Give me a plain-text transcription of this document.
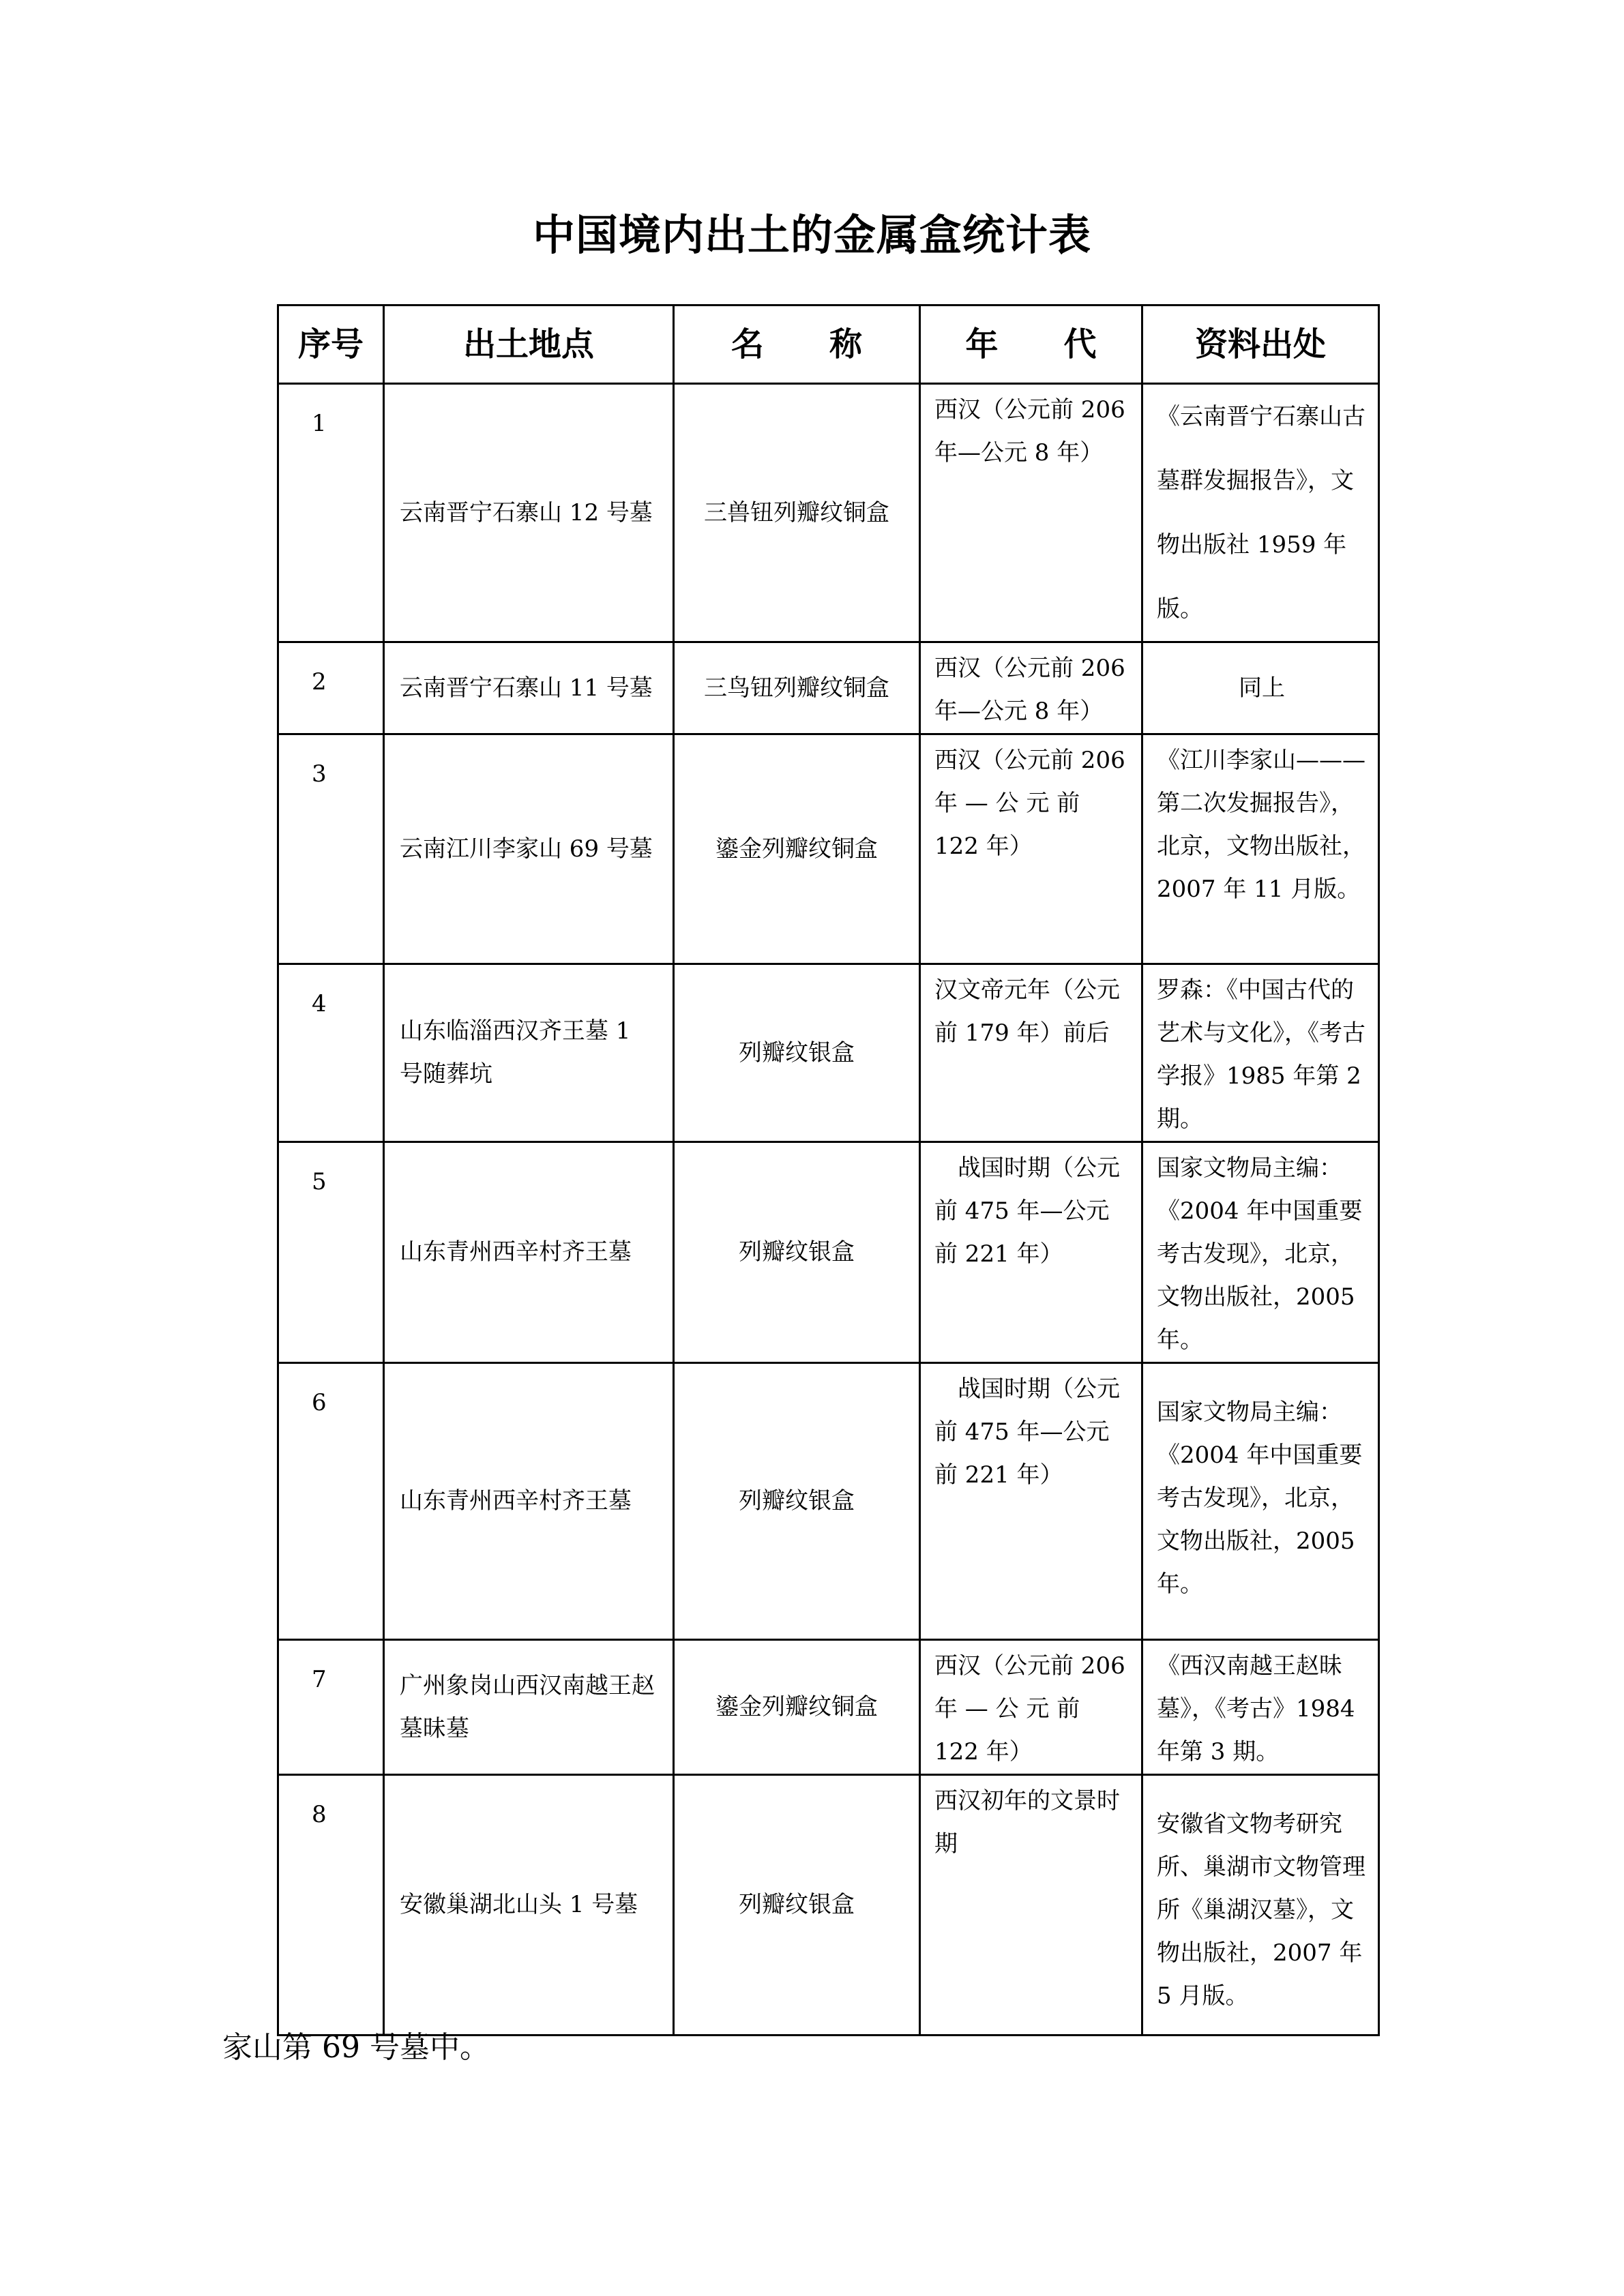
中国境内出土的金属盒统计表
序号	出土地点	名　　称	年　　代	资料出处
1	云南晋宁石寨山 12 号墓	三兽钮列瓣纹铜盒	西汉（公元前 206 年—公元 8 年）	《云南晋宁石寨山古墓群发掘报告》，文物出版社 1959 年版。
2	云南晋宁石寨山 11 号墓	三鸟钮列瓣纹铜盒	西汉（公元前 206 年—公元 8 年）	同上
3	云南江川李家山 69 号墓	鎏金列瓣纹铜盒	西汉（公元前 206 年 — 公 元 前 122 年）	《江川李家山———第二次发掘报告》，北京，文物出版社，2007 年 11 月版。
4	山东临淄西汉齐王墓 1 号随葬坑	列瓣纹银盒	汉文帝元年（公元前 179 年）前后	罗森：《中国古代的艺术与文化》，《考古学报》1985 年第 2 期。
5	山东青州西辛村齐王墓	列瓣纹银盒	　战国时期（公元前 475 年—公元前 221 年）	国家文物局主编：《2004 年中国重要考古发现》，北京，文物出版社，2005 年。
6	山东青州西辛村齐王墓	列瓣纹银盒	　战国时期（公元前 475 年—公元前 221 年）	国家文物局主编：《2004 年中国重要考古发现》，北京，文物出版社，2005 年。
7	广州象岗山西汉南越王赵墓昧墓	鎏金列瓣纹铜盒	西汉（公元前 206 年 — 公 元 前 122 年）	《西汉南越王赵昧墓》，《考古》1984 年第 3 期。
8	安徽巢湖北山头 1 号墓	列瓣纹银盒	西汉初年的文景时期	安徽省文物考研究所、巢湖市文物管理所《巢湖汉墓》，文物出版社，2007 年 5 月版。
家山第 69 号墓中。
